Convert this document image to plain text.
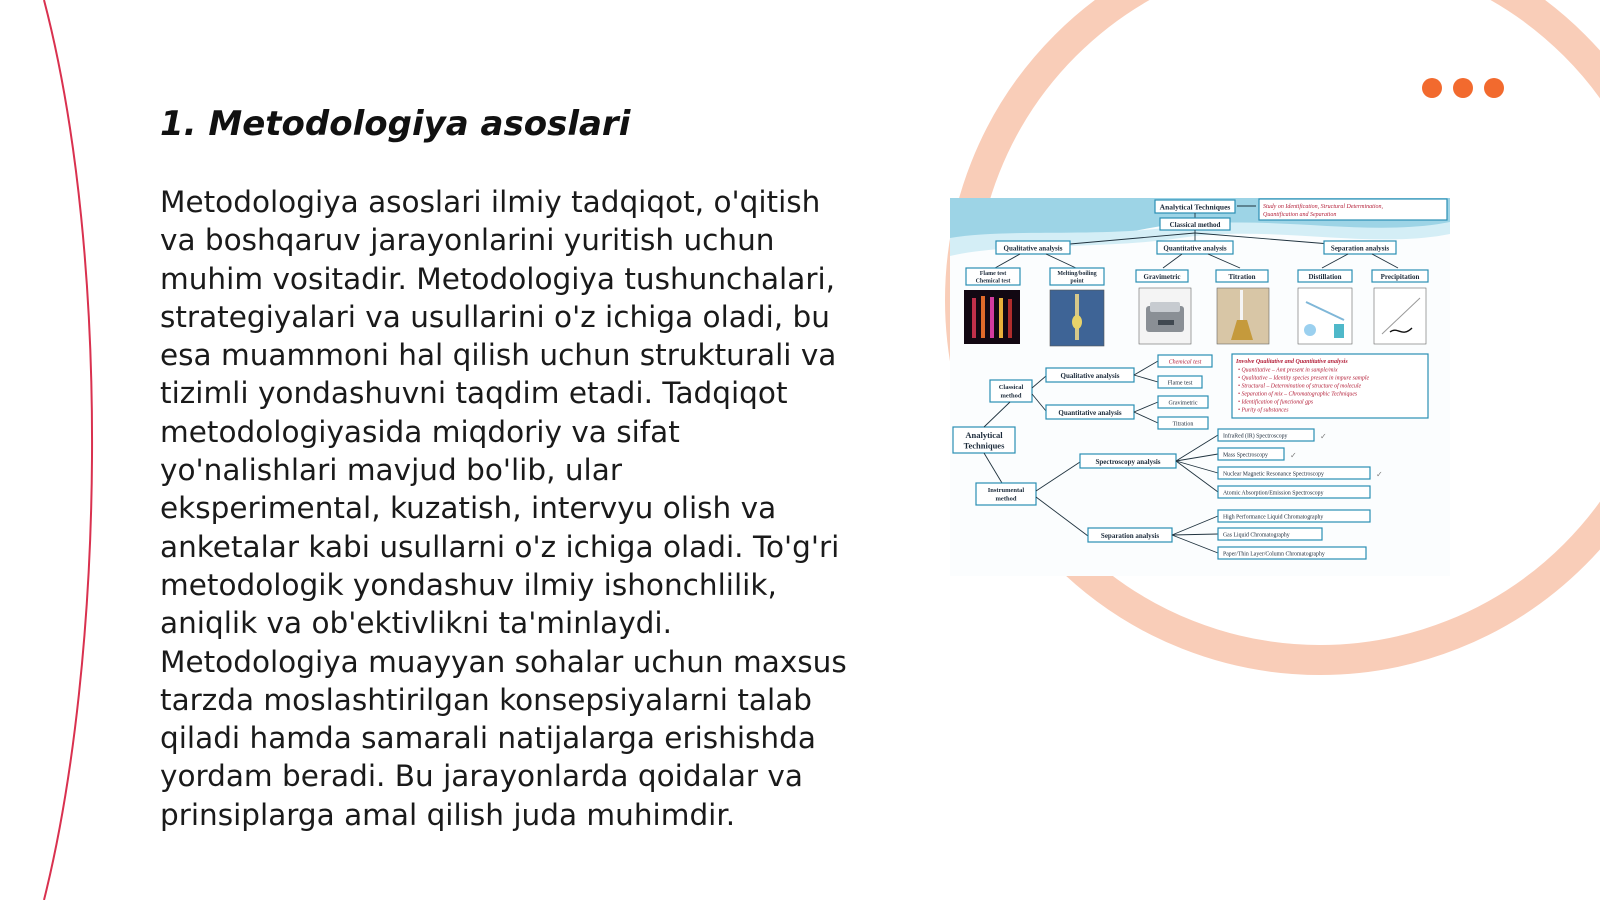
1. Metodologiya asoslari

Metodologiya asoslari ilmiy tadqiqot, o'qitish va boshqaruv jarayonlarini yuritish uchun muhim vositadir. Metodologiya tushunchalari, strategiyalari va usullarini o'z ichiga oladi, bu esa muammoni hal qilish uchun strukturali va tizimli yondashuvni taqdim etadi. Tadqiqot metodologiyasida miqdoriy va sifat yo'nalishlari mavjud bo'lib, ular eksperimental, kuzatish, intervyu olish va anketalar kabi usullarni o'z ichiga oladi. To'g'ri metodologik yondashuv ilmiy ishonchlilik, aniqlik va ob'ektivlikni ta'minlaydi. Metodologiya muayyan sohalar uchun maxsus tarzda moslashtirilgan konsepsiyalarni talab qiladi hamda samarali natijalarga erishishda yordam beradi. Bu jarayonlarda qoidalar va prinsiplarga amal qilish juda muhimdir.

Analytical Techniques	Study on Identification, Structural Determination,
Quantification and Separation
Classical method
Qualitative analysis	Quantitative analysis	Separation analysis
Flame test
Chemical test
Melting/boiling
point
Gravimetric	Titration	Distillation	Precipitation
Classical
method
Qualitative analysis
Quantitative analysis
Chemical test
Flame test
Gravimetric
Titration
Involve Qualitative and Quantitative analysis
• Quantitative – Amt present in sample/mix
• Qualitative – Identity species present in impure sample
• Structural – Determination of structure of molecule
• Separation of mix – Chromatographic Techniques
• Identification of functional gps
• Purity of substances
Analytical
Techniques
Instrumental
method
Spectroscopy analysis
Separation analysis
InfraRed (IR) Spectroscopy
Mass Spectroscopy
Nuclear Magnetic Resonance Spectroscopy
Atomic Absorption/Emission Spectroscopy
✓
✓
✓
High Performance Liquid Chromatography
Gas Liquid Chromatography
Paper/Thin Layer/Column Chromatography
